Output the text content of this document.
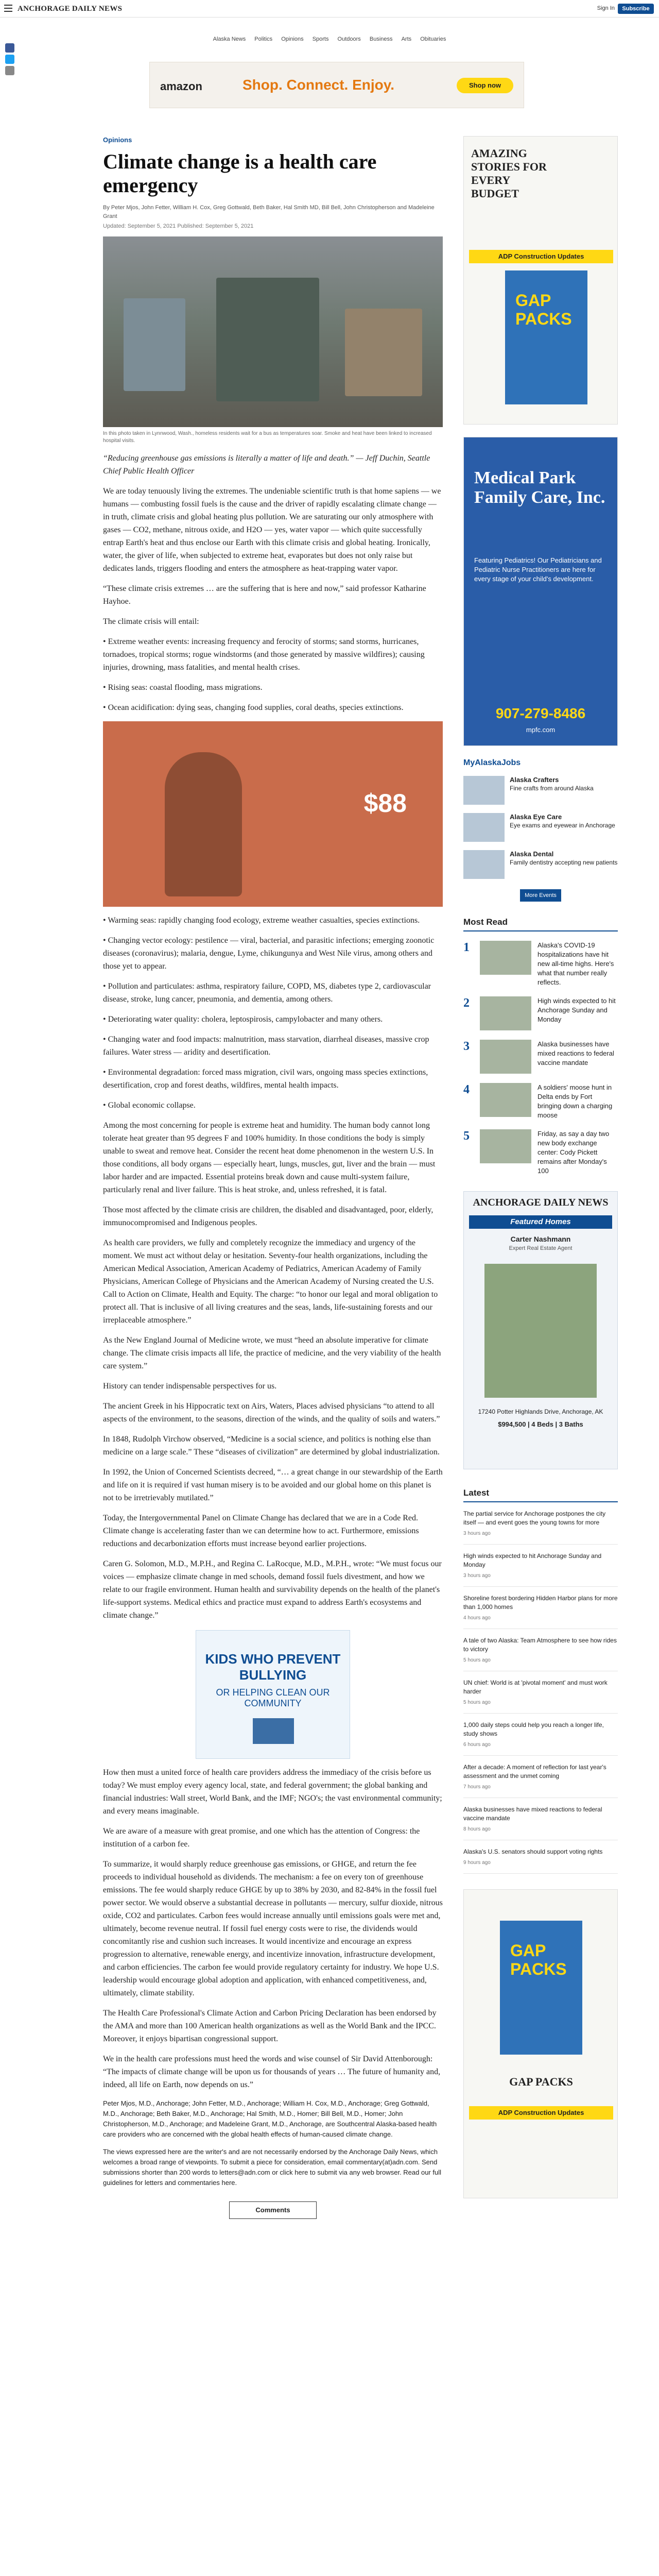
ANCHORAGE DAILY NEWS	Sign In	Subscribe
Alaska News Politics Opinions Sports Outdoors Business Arts Obituaries
amazon	Shop. Connect. Enjoy.	Shop now
Opinions
Climate change is a health care emergency
By Peter Mjos, John Fetter, William H. Cox, Greg Gottwald, Beth Baker, Hal Smith MD, Bill Bell, John Christopherson and Madeleine Grant
Updated: September 5, 2021 Published: September 5, 2021
In this photo taken in Lynnwood, Wash., homeless residents wait for a bus as temperatures soar. Smoke and heat have been linked to increased hospital visits.

“Reducing greenhouse gas emissions is literally a matter of life and death.” — Jeff Duchin, Seattle Chief Public Health Officer

We are today tenuously living the extremes. The undeniable scientific truth is that home sapiens — we humans — combusting fossil fuels is the cause and the driver of rapidly escalating climate change — in truth, climate crisis and global heating plus pollution. We are saturating our only atmosphere with gases — CO2, methane, nitrous oxide, and H2O — yes, water vapor — which quite successfully entrap Earth's heat and thus enclose our Earth with this climate crisis and global heating. Ironically, water, the giver of life, when subjected to extreme heat, evaporates but does not only raise but dedicates lands, triggers flooding and enters the atmosphere as heat-trapping water vapor.

“These climate crisis extremes … are the suffering that is here and now,” said professor Katharine Hayhoe.

The climate crisis will entail:

• Extreme weather events: increasing frequency and ferocity of storms; sand storms, hurricanes, tornadoes, tropical storms; rogue windstorms (and those generated by massive wildfires); causing injuries, drowning, mass fatalities, and mental health crises.

• Rising seas: coastal flooding, mass migrations.

• Ocean acidification: dying seas, changing food supplies, coral deaths, species extinctions.

$88

• Warming seas: rapidly changing food ecology, extreme weather casualties, species extinctions.

• Changing vector ecology: pestilence — viral, bacterial, and parasitic infections; emerging zoonotic diseases (coronavirus); malaria, dengue, Lyme, chikungunya and West Nile virus, among others and those yet to appear.

• Pollution and particulates: asthma, respiratory failure, COPD, MS, diabetes type 2, cardiovascular disease, stroke, lung cancer, pneumonia, and dementia, among others.

• Deteriorating water quality: cholera, leptospirosis, campylobacter and many others.

• Changing water and food impacts: malnutrition, mass starvation, diarrheal diseases, massive crop failures. Water stress — aridity and desertification.

• Environmental degradation: forced mass migration, civil wars, ongoing mass species extinctions, desertification, crop and forest deaths, wildfires, mental health impacts.

• Global economic collapse.

Among the most concerning for people is extreme heat and humidity. The human body cannot long tolerate heat greater than 95 degrees F and 100% humidity. In those conditions the body is simply unable to sweat and remove heat. Consider the recent heat dome phenomenon in the western U.S. In those conditions, all body organs — especially heart, lungs, muscles, gut, liver and the brain — must labor harder and are impacted. Essential proteins break down and cause multi-system failure, particularly renal and liver failure. This is heat stroke, and, unless refreshed, it is fatal.

Those most affected by the climate crisis are children, the disabled and disadvantaged, poor, elderly, immunocompromised and Indigenous peoples.

As health care providers, we fully and completely recognize the immediacy and urgency of the moment. We must act without delay or hesitation. Seventy-four health organizations, including the American Medical Association, American Academy of Pediatrics, American Academy of Family Physicians, American College of Physicians and the American Academy of Nursing created the U.S. Call to Action on Climate, Health and Equity. The charge: “to honor our legal and moral obligation to protect all. That is inclusive of all living creatures and the seas, lands, life-sustaining forests and our irreplaceable atmosphere.”

As the New England Journal of Medicine wrote, we must “heed an absolute imperative for climate change. The climate crisis impacts all life, the practice of medicine, and the very viability of the health care system.”

History can tender indispensable perspectives for us.

The ancient Greek in his Hippocratic text on Airs, Waters, Places advised physicians “to attend to all aspects of the environment, to the seasons, direction of the winds, and the quality of soils and waters.”

In 1848, Rudolph Virchow observed, “Medicine is a social science, and politics is nothing else than medicine on a large scale.” These “diseases of civilization” are determined by global industrialization.

In 1992, the Union of Concerned Scientists decreed, “… a great change in our stewardship of the Earth and life on it is required if vast human misery is to be avoided and our global home on this planet is not to be irretrievably mutilated.”

Today, the Intergovernmental Panel on Climate Change has declared that we are in a Code Red. Climate change is accelerating faster than we can determine how to act. Furthermore, emissions reductions and decarbonization efforts must increase beyond earlier projections.

Caren G. Solomon, M.D., M.P.H., and Regina C. LaRocque, M.D., M.P.H., wrote: “We must focus our voices — emphasize climate change in med schools, demand fossil fuels divestment, and how we relate to our fragile environment. Human health and survivability depends on the health of the planet's life-support systems. Medical ethics and practice must expand to address Earth's ecosystems and climate change.”

KIDS WHO PREVENT BULLYING
OR HELPING CLEAN OUR COMMUNITY

How then must a united force of health care providers address the immediacy of the crisis before us today? We must employ every agency local, state, and federal government; the global banking and financial industries: Wall street, World Bank, and the IMF; NGO's; the vast environmental community; and every means imaginable.

We are aware of a measure with great promise, and one which has the attention of Congress: the institution of a carbon fee.

To summarize, it would sharply reduce greenhouse gas emissions, or GHGE, and return the fee proceeds to individual household as dividends. The mechanism: a fee on every ton of greenhouse emissions. The fee would sharply reduce GHGE by up to 38% by 2030, and 82-84% in the fossil fuel power sector. We would observe a substantial decrease in pollutants — mercury, sulfur dioxide, nitrous oxide, CO2 and particulates. Carbon fees would increase annually until emissions goals were met and, ultimately, become revenue neutral. If fossil fuel energy costs were to rise, the dividends would concomitantly rise and cushion such increases. It would incentivize and encourage an express progression to alternative, renewable energy, and incentivize innovation, infrastructure development, and carbon efficiencies. The carbon fee would provide regulatory certainty for industry. We hope U.S. leadership would encourage global adoption and application, with enhanced competitiveness, and, ultimately, climate stability.

The Health Care Professional's Climate Action and Carbon Pricing Declaration has been endorsed by the AMA and more than 100 American health organizations as well as the World Bank and the IPCC. Moreover, it enjoys bipartisan congressional support.

We in the health care professions must heed the words and wise counsel of Sir David Attenborough: “The impacts of climate change will be upon us for thousands of years … The future of humanity and, indeed, all life on Earth, now depends on us.”

Peter Mjos, M.D., Anchorage; John Fetter, M.D., Anchorage; William H. Cox, M.D., Anchorage; Greg Gottwald, M.D., Anchorage; Beth Baker, M.D., Anchorage; Hal Smith, M.D., Homer; Bill Bell, M.D., Homer; John Christopherson, M.D., Anchorage; and Madeleine Grant, M.D., Anchorage, are Southcentral Alaska-based health care providers who are concerned with the global health effects of human-caused climate change.

The views expressed here are the writer's and are not necessarily endorsed by the Anchorage Daily News, which welcomes a broad range of viewpoints. To submit a piece for consideration, email commentary(at)adn.com. Send submissions shorter than 200 words to letters@adn.com or click here to submit via any web browser. Read our full guidelines for letters and commentaries here.

Comments
AMAZING STORIES FOR EVERY BUDGET
ADP Construction Updates
GAP PACKS
Medical Park Family Care, Inc.
Featuring Pediatrics! Our Pediatricians and Pediatric Nurse Practitioners are here for every stage of your child's development.
907-279-8486
mpfc.com
MyAlaskaJobs
Alaska Crafters
Fine crafts from around Alaska
Alaska Eye Care
Eye exams and eyewear in Anchorage
Alaska Dental
Family dentistry accepting new patients
More Events
Most Read
1	Alaska's COVID-19 hospitalizations have hit new all-time highs. Here's what that number really reflects.
2	High winds expected to hit Anchorage Sunday and Monday
3	Alaska businesses have mixed reactions to federal vaccine mandate
4	A soldiers' moose hunt in Delta ends by Fort bringing down a charging moose
5	Friday, as say a day two new body exchange center: Cody Pickett remains after Monday's 100
ANCHORAGE DAILY NEWS
Featured Homes
Carter Nashmann
Expert Real Estate Agent
17240 Potter Highlands Drive, Anchorage, AK
$994,500 | 4 Beds | 3 Baths
Latest
The partial service for Anchorage postpones the city itself — and event goes the young towns for more
3 hours ago
High winds expected to hit Anchorage Sunday and Monday
3 hours ago
Shoreline forest bordering Hidden Harbor plans for more than 1,000 homes
4 hours ago
A tale of two Alaska: Team Atmosphere to see how rides to victory
5 hours ago
UN chief: World is at 'pivotal moment' and must work harder
5 hours ago
1,000 daily steps could help you reach a longer life, study shows
6 hours ago
After a decade: A moment of reflection for last year's assessment and the unmet coming
7 hours ago
Alaska businesses have mixed reactions to federal vaccine mandate
8 hours ago
Alaska's U.S. senators should support voting rights
9 hours ago
GAP PACKS
GAP PACKS
ADP Construction Updates
